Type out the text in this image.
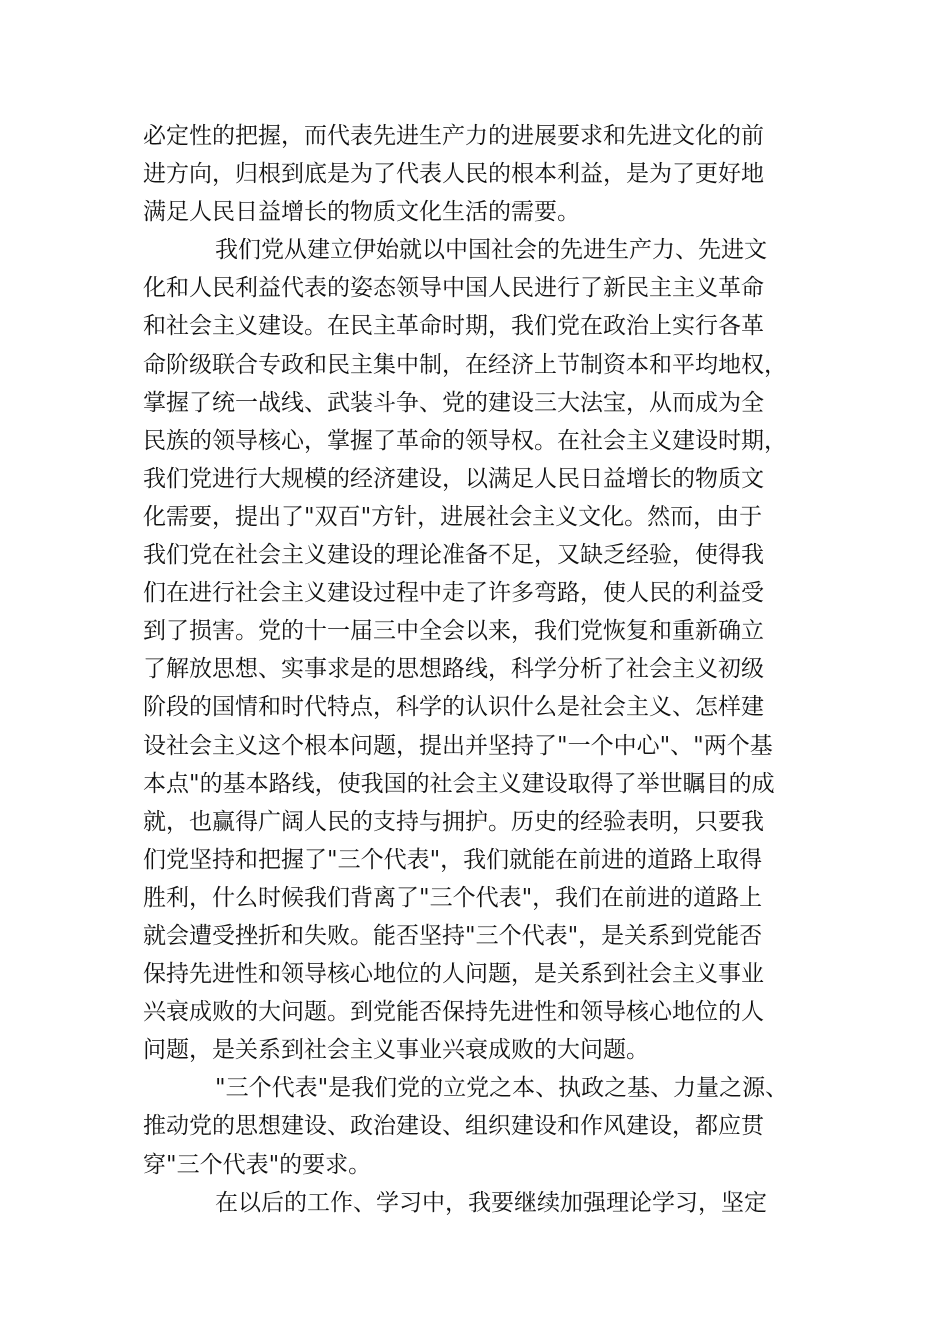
必定性的把握，而代表先进生产力的进展要求和先进文化的前
进方向，归根到底是为了代表人民的根本利益，是为了更好地
满足人民日益增长的物质文化生活的需要。
我们党从建立伊始就以中国社会的先进生产力、先进文
化和人民利益代表的姿态领导中国人民进行了新民主主义革命
和社会主义建设。在民主革命时期，我们党在政治上实行各革
命阶级联合专政和民主集中制，在经济上节制资本和平均地权，
掌握了统一战线、武装斗争、党的建设三大法宝，从而成为全
民族的领导核心，掌握了革命的领导权。在社会主义建设时期，
我们党进行大规模的经济建设，以满足人民日益增长的物质文
化需要，提出了"双百"方针，进展社会主义文化。然而，由于
我们党在社会主义建设的理论准备不足，又缺乏经验，使得我
们在进行社会主义建设过程中走了许多弯路，使人民的利益受
到了损害。党的十一届三中全会以来，我们党恢复和重新确立
了解放思想、实事求是的思想路线，科学分析了社会主义初级
阶段的国情和时代特点，科学的认识什么是社会主义、怎样建
设社会主义这个根本问题，提出并坚持了"一个中心"、"两个基
本点"的基本路线，使我国的社会主义建设取得了举世瞩目的成
就，也赢得广阔人民的支持与拥护。历史的经验表明，只要我
们党坚持和把握了"三个代表"，我们就能在前进的道路上取得
胜利，什么时候我们背离了"三个代表"，我们在前进的道路上
就会遭受挫折和失败。能否坚持"三个代表"，是关系到党能否
保持先进性和领导核心地位的人问题，是关系到社会主义事业
兴衰成败的大问题。到党能否保持先进性和领导核心地位的人
问题，是关系到社会主义事业兴衰成败的大问题。
"三个代表"是我们党的立党之本、执政之基、力量之源、
推动党的思想建设、政治建设、组织建设和作风建设，都应贯
穿"三个代表"的要求。
在以后的工作、学习中，我要继续加强理论学习，坚定
